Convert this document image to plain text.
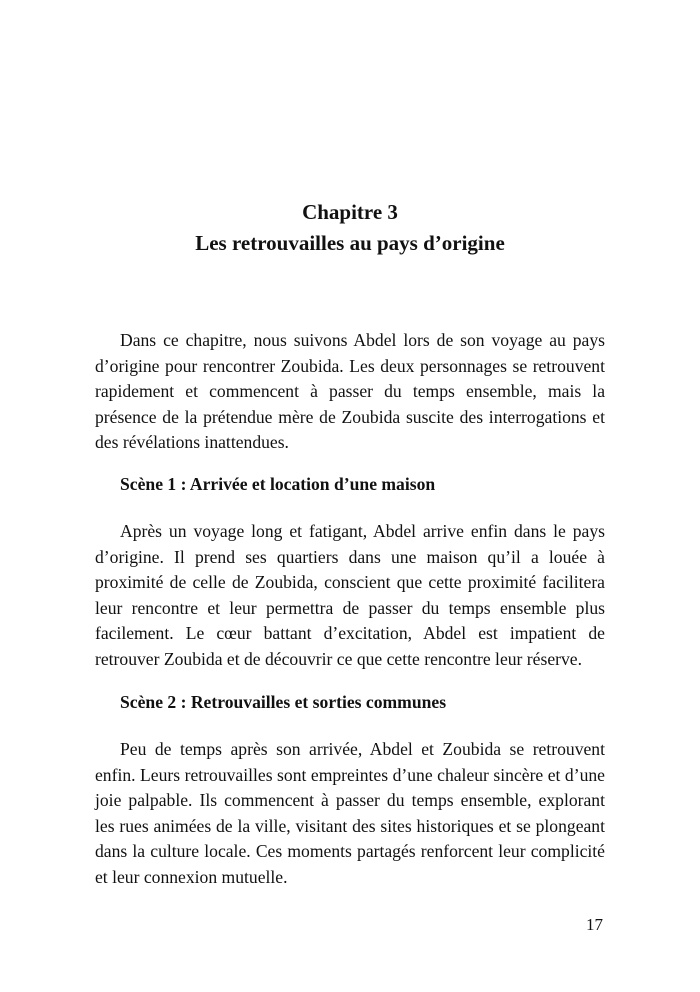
Chapitre 3
Les retrouvailles au pays d’origine

Dans ce chapitre, nous suivons Abdel lors de son voyage au pays d’origine pour rencontrer Zoubida. Les deux personnages se retrouvent rapidement et commencent à passer du temps ensemble, mais la présence de la prétendue mère de Zoubida suscite des interrogations et des révélations inattendues.

Scène 1 : Arrivée et location d’une maison

Après un voyage long et fatigant, Abdel arrive enfin dans le pays d’origine. Il prend ses quartiers dans une maison qu’il a louée à proximité de celle de Zoubida, conscient que cette proximité facilitera leur rencontre et leur permettra de passer du temps ensemble plus facilement. Le cœur battant d’excitation, Abdel est impatient de retrouver Zoubida et de découvrir ce que cette rencontre leur réserve.

Scène 2 : Retrouvailles et sorties communes

Peu de temps après son arrivée, Abdel et Zoubida se retrouvent enfin. Leurs retrouvailles sont empreintes d’une chaleur sincère et d’une joie palpable. Ils commencent à passer du temps ensemble, explorant les rues animées de la ville, visitant des sites historiques et se plongeant dans la culture locale. Ces moments partagés renforcent leur complicité et leur connexion mutuelle.

17
